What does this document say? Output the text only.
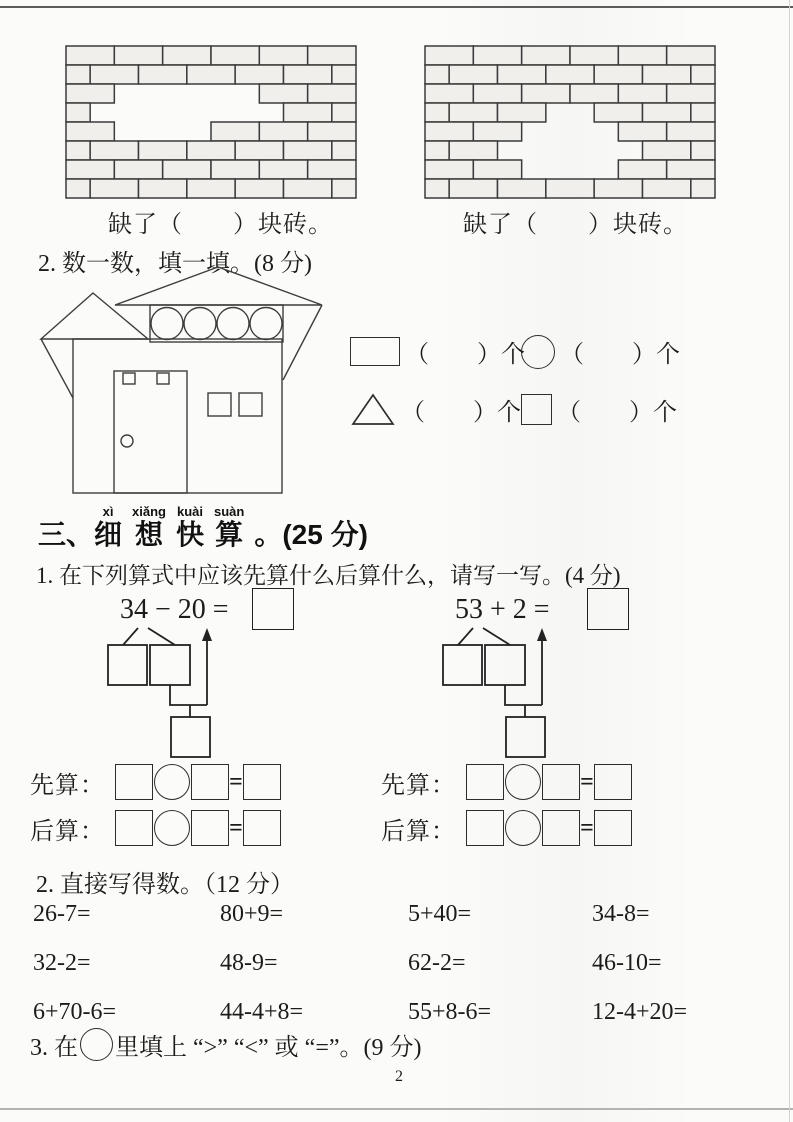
缺了（　　）块砖。	缺了（　　）块砖。
2. 数一数，填一填。(8 分)
（　　）个 （　　）个
（　　）个 （　　）个
三、
xì
细
xiǎng
想
kuài
快
suàn
算 。(25 分)
1. 在下列算式中应该先算什么后算什么，请写一写。(4 分)
34 − 20 =	53 + 2 =
先算：	=
后算：	=
先算：	=
后算：	=
2. 直接写得数。（12 分）
26-7=	80+9=	5+40=	34-8=
32-2=	48-9=	62-2=	46-10=
6+70-6=	44-4+8=	55+8-6=	12-4+20=
3. 在 里填上 “>” “<” 或 “=”。(9 分)
2
